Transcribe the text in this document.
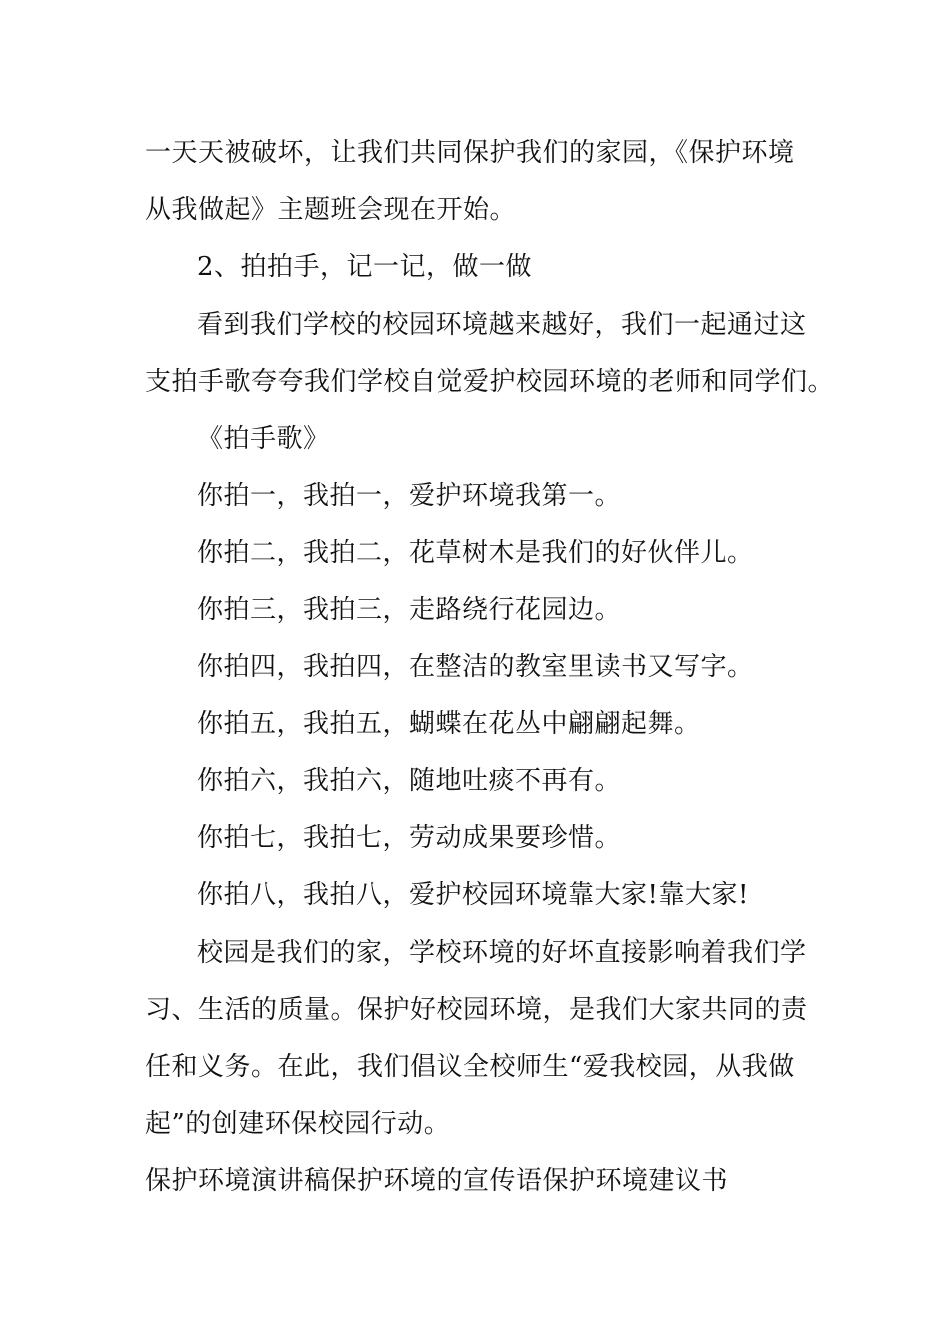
一天天被破坏，让我们共同保护我们的家园，《保护环境
从我做起》主题班会现在开始。
2、拍拍手，记一记，做一做
看到我们学校的校园环境越来越好，我们一起通过这
支拍手歌夸夸我们学校自觉爱护校园环境的老师和同学们。
《拍手歌》
你拍一，我拍一，爱护环境我第一。
你拍二，我拍二，花草树木是我们的好伙伴儿。
你拍三，我拍三，走路绕行花园边。
你拍四，我拍四，在整洁的教室里读书又写字。
你拍五，我拍五，蝴蝶在花丛中翩翩起舞。
你拍六，我拍六，随地吐痰不再有。
你拍七，我拍七，劳动成果要珍惜。
你拍八，我拍八，爱护校园环境靠大家!靠大家!
校园是我们的家，学校环境的好坏直接影响着我们学
习、生活的质量。保护好校园环境，是我们大家共同的责
任和义务。在此，我们倡议全校师生“爱我校园，从我做
起”的创建环保校园行动。
保护环境演讲稿保护环境的宣传语保护环境建议书
